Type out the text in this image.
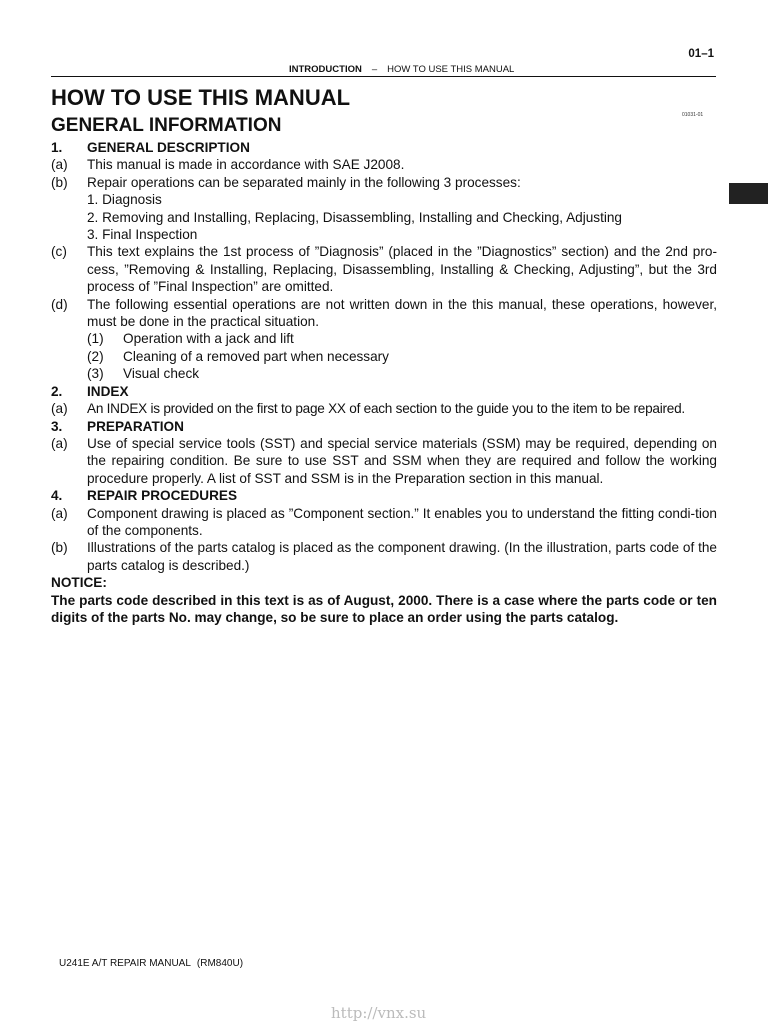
01–1
INTRODUCTION – HOW TO USE THIS MANUAL
01031-01
HOW TO USE THIS MANUAL
GENERAL INFORMATION
1. GENERAL DESCRIPTION
(a) This manual is made in accordance with SAE J2008.
(b) Repair operations can be separated mainly in the following 3 processes:
1. Diagnosis
2. Removing and Installing, Replacing, Disassembling, Installing and Checking, Adjusting
3. Final Inspection
(c) This text explains the 1st process of ”Diagnosis” (placed in the ”Diagnostics” section) and the 2nd pro-cess, ”Removing & Installing, Replacing, Disassembling, Installing & Checking, Adjusting”, but the 3rd process of ”Final Inspection” are omitted.
(d) The following essential operations are not written down in the this manual, these operations, however, must be done in the practical situation.
(1) Operation with a jack and lift
(2) Cleaning of a removed part when necessary
(3) Visual check
2. INDEX
(a) An INDEX is provided on the first to page XX of each section to the guide you to the item to be repaired.
3. PREPARATION
(a) Use of special service tools (SST) and special service materials (SSM) may be required, depending on the repairing condition. Be sure to use SST and SSM when they are required and follow the working procedure properly. A list of SST and SSM is in the Preparation section in this manual.
4. REPAIR PROCEDURES
(a) Component drawing is placed as ”Component section.” It enables you to understand the fitting condi-tion of the components.
(b) Illustrations of the parts catalog is placed as the component drawing. (In the illustration, parts code of the parts catalog is described.)
NOTICE:
The parts code described in this text is as of August, 2000. There is a case where the parts code or ten digits of the parts No. may change, so be sure to place an order using the parts catalog.
U241E A/T REPAIR MANUAL (RM840U)
http://vnx.su
